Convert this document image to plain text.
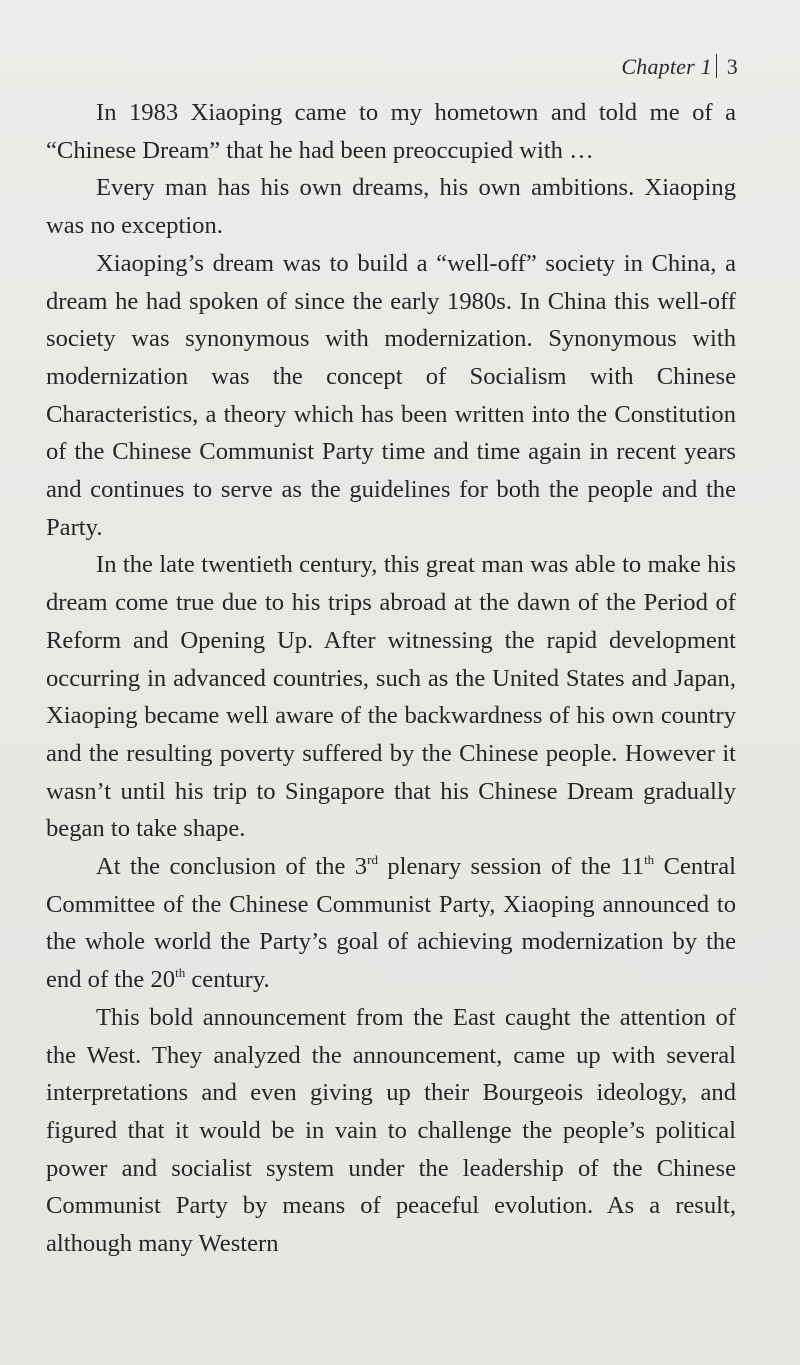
Chapter 1 3

In 1983 Xiaoping came to my hometown and told me of a “Chinese Dream” that he had been preoccupied with …

Every man has his own dreams, his own ambitions. Xiaoping was no exception.

Xiaoping’s dream was to build a “well-off” society in China, a dream he had spoken of since the early 1980s. In China this well-off society was synonymous with modernization. Synonymous with modernization was the concept of Socialism with Chinese Characteristics, a theory which has been written into the Constitution of the Chinese Communist Party time and time again in recent years and continues to serve as the guidelines for both the people and the Party.

In the late twentieth century, this great man was able to make his dream come true due to his trips abroad at the dawn of the Period of Reform and Opening Up. After witnessing the rapid development occurring in advanced countries, such as the United States and Japan, Xiaoping became well aware of the backwardness of his own country and the resulting poverty suffered by the Chinese people. However it wasn’t until his trip to Singapore that his Chinese Dream gradually began to take shape.

At the conclusion of the 3rd plenary session of the 11th Central Committee of the Chinese Communist Party, Xiaoping announced to the whole world the Party’s goal of achieving modernization by the end of the 20th century.

This bold announcement from the East caught the attention of the West. They analyzed the announcement, came up with several interpretations and even giving up their Bourgeois ideology, and figured that it would be in vain to challenge the people’s political power and socialist system under the leadership of the Chinese Communist Party by means of peaceful evolution. As a result, although many Western
